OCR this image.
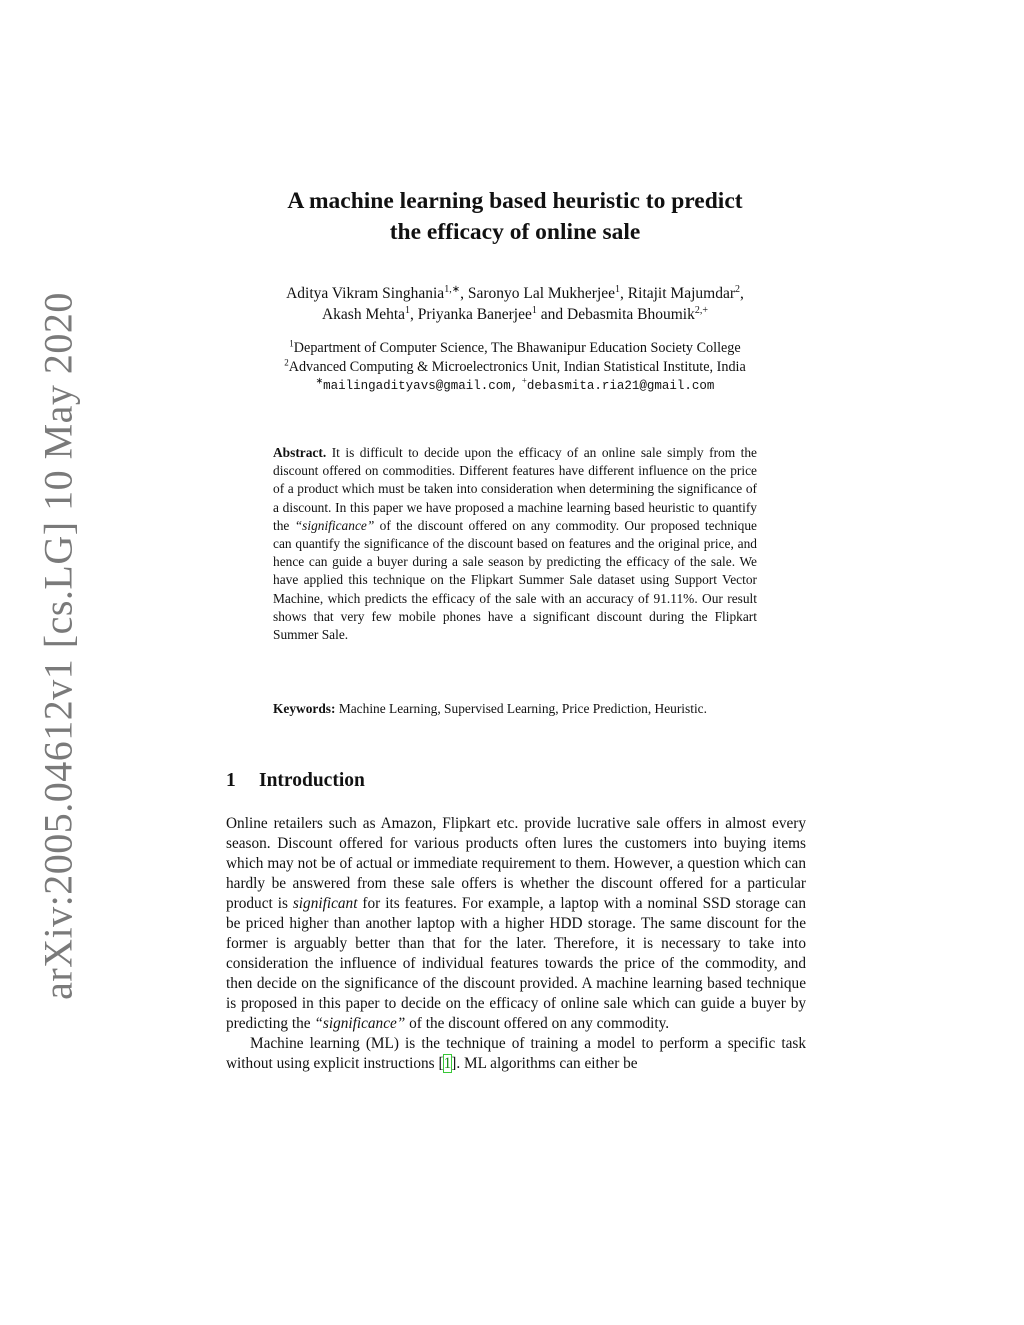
arXiv:2005.04612v1 [cs.LG] 10 May 2020
A machine learning based heuristic to predict
the efficacy of online sale
Aditya Vikram Singhania$^{1,∗}$, Saronyo Lal Mukherjee$^1$, Ritajit Majumdar$^2$,
Akash Mehta$^1$, Priyanka Banerjee$^1$ and Debasmita Bhoumik$^{2,+}$
$^1$Department of Computer Science, The Bhawanipur Education Society College
$^2$Advanced Computing & Microelectronics Unit, Indian Statistical Institute, India
∗mailingadityavs@gmail.com, +debasmita.ria21@gmail.com
Abstract. It is difficult to decide upon the efficacy of an online sale simply from the discount offered on commodities. Different features have different influence on the price of a product which must be taken into consideration when determining the significance of a discount. In this paper we have proposed a machine learning based heuristic to quantify the “significance” of the discount offered on any commodity. Our proposed technique can quantify the significance of the discount based on features and the original price, and hence can guide a buyer during a sale season by predicting the efficacy of the sale. We have applied this technique on the Flipkart Summer Sale dataset using Support Vector Machine, which predicts the efficacy of the sale with an accuracy of 91.11%. Our result shows that very few mobile phones have a significant discount during the Flipkart Summer Sale.
Keywords: Machine Learning, Supervised Learning, Price Prediction, Heuristic.
1 Introduction

Online retailers such as Amazon, Flipkart etc. provide lucrative sale offers in almost every season. Discount offered for various products often lures the customers into buying items which may not be of actual or immediate requirement to them. However, a question which can hardly be answered from these sale offers is whether the discount offered for a particular product is significant for its features. For example, a laptop with a nominal SSD storage can be priced higher than another laptop with a higher HDD storage. The same discount for the former is arguably better than that for the later. Therefore, it is necessary to take into consideration the influence of individual features towards the price of the commodity, and then decide on the significance of the discount provided. A machine learning based technique is proposed in this paper to decide on the efficacy of online sale which can guide a buyer by predicting the “significance” of the discount offered on any commodity.

Machine learning (ML) is the technique of training a model to perform a specific task without using explicit instructions [1]. ML algorithms can either be
